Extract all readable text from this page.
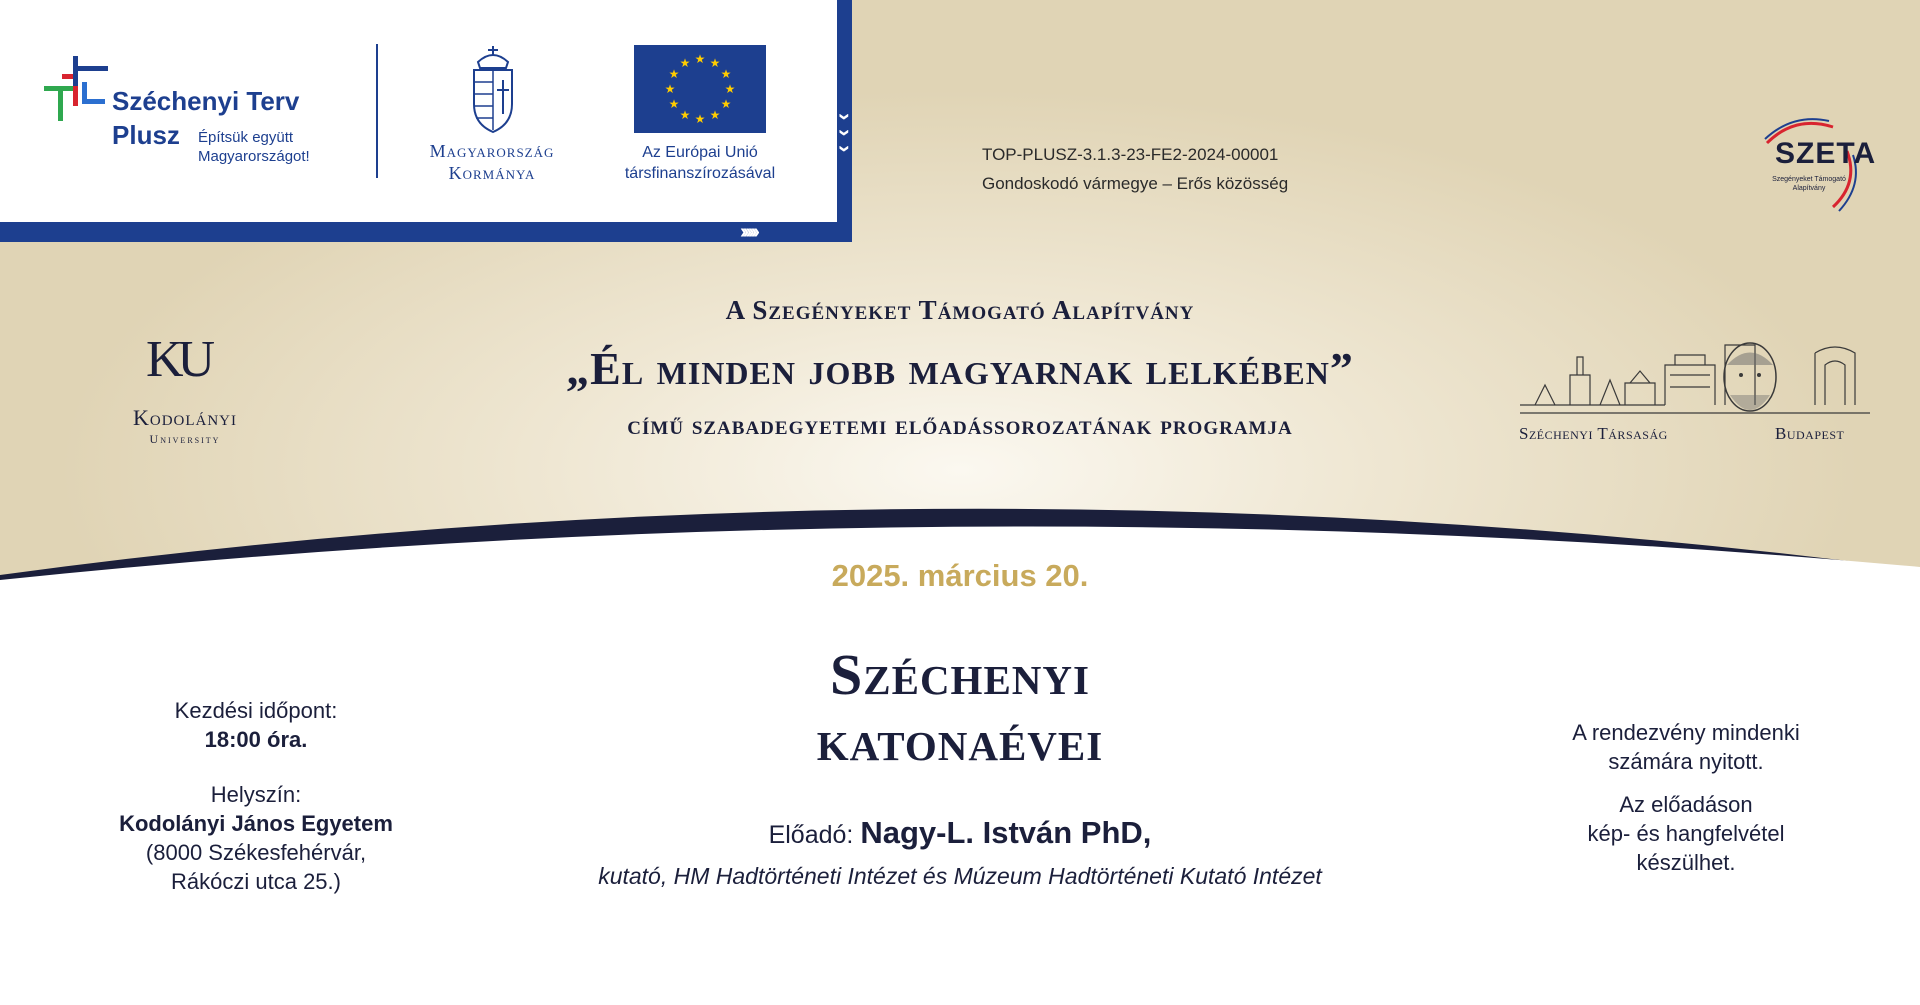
›
›
›
››››››
Széchenyi Terv
Plusz Építsük együtt
Magyarországot!	Magyarország
Kormánya
★ ★
★
★
★
★
★
★
★
★
★
★
Az Európai Unió
társfinanszírozásával
TOP-PLUSZ-3.1.3-23-FE2-2024-00001
Gondoskodó vármegye – Erős közösség
SZETA
Szegényeket Támogató Alapítvány
A Szegényeket Támogató Alapítvány
„Él minden jobb magyarnak lelkében”
című szabadegyetemi előadássorozatának programja
KU
Kodolányi
University	Széchenyi Társaság	Budapest
2025. március 20.
Széchenyi
katonaévei
Előadó: Nagy-L. István PhD,
kutató, HM Hadtörténeti Intézet és Múzeum Hadtörténeti Kutató Intézet
Kezdési időpont:
18:00 óra.
Helyszín:
Kodolányi János Egyetem
(8000 Székesfehérvár,
Rákóczi utca 25.)
A rendezvény mindenki
számára nyitott.
Az előadáson
kép- és hangfelvétel
készülhet.
